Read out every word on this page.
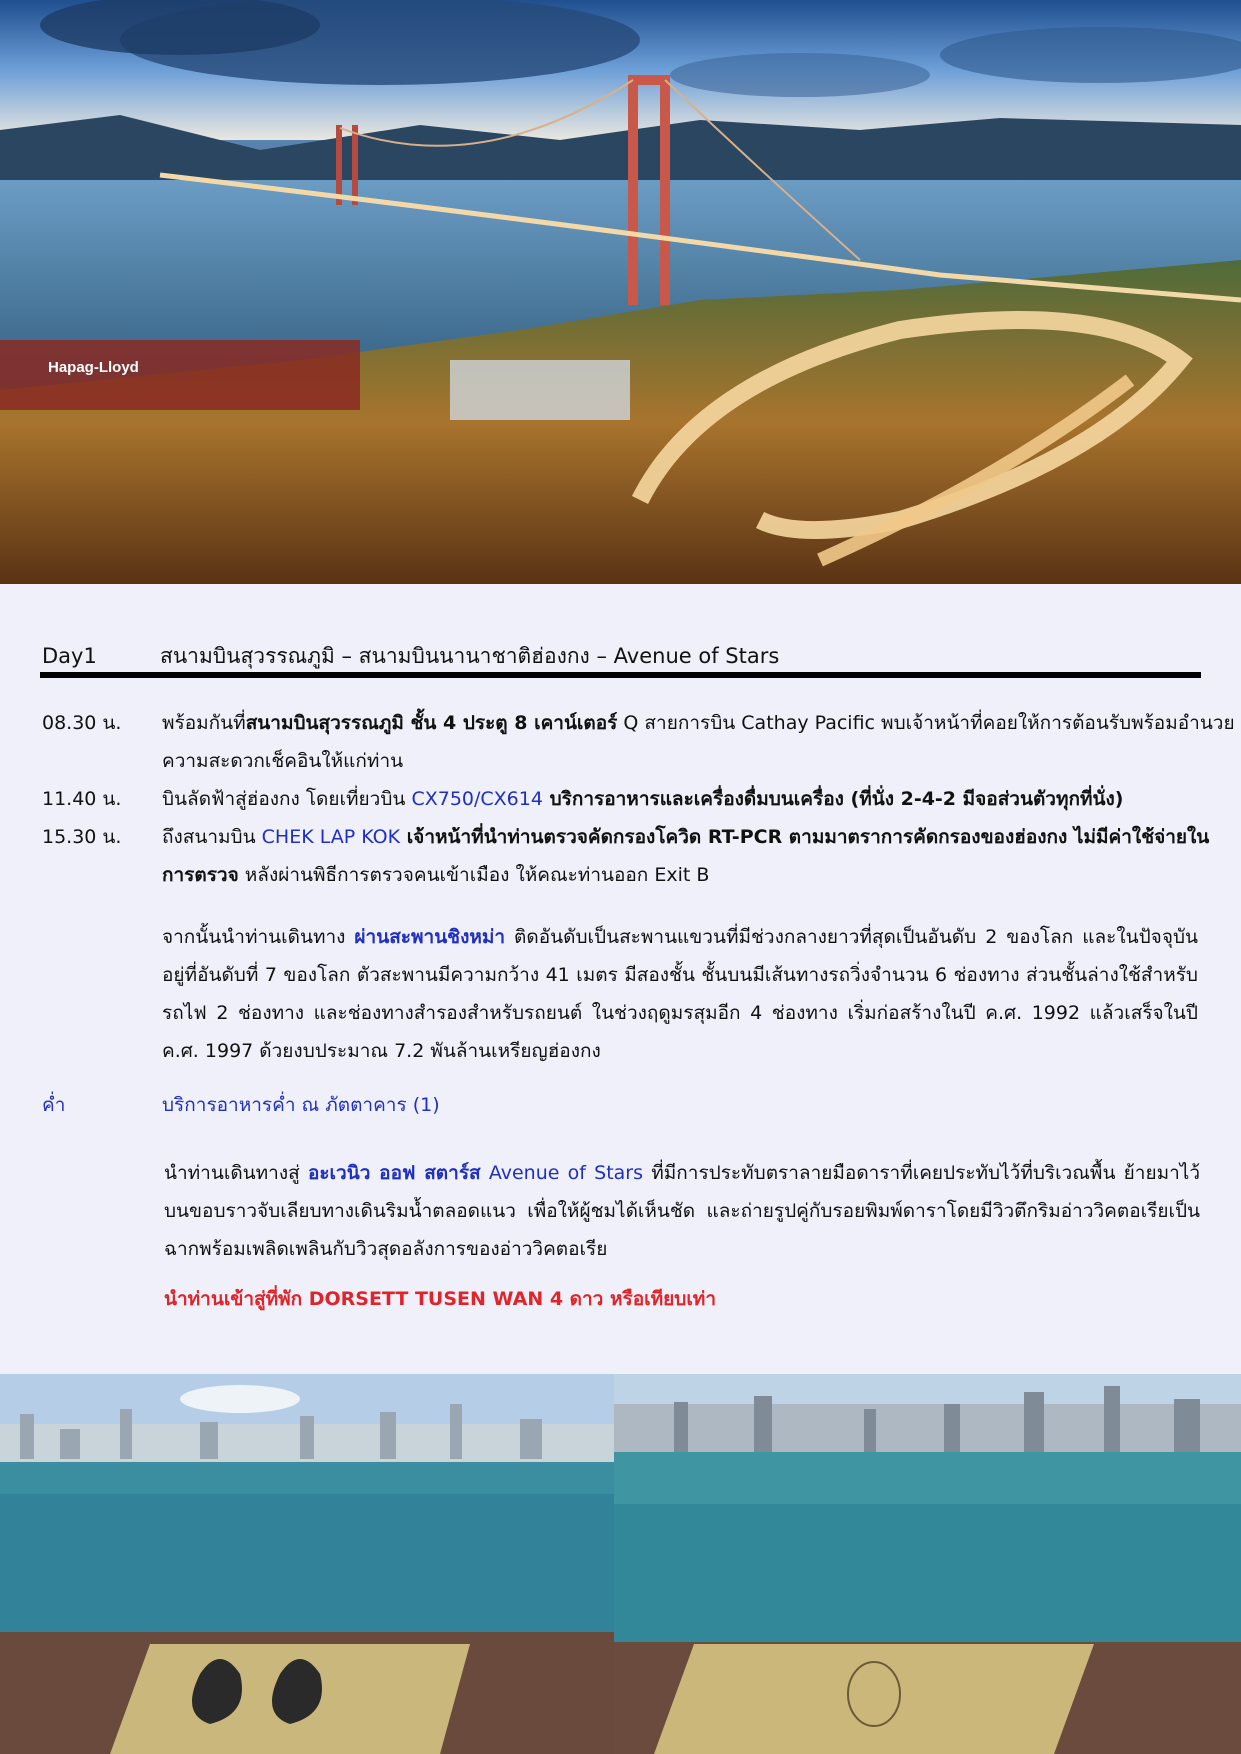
Hapag-Lloyd
Day1	สนามบินสุวรรณภูมิ – สนามบินนานาชาติฮ่องกง – Avenue of Stars
08.30 น.	พร้อมกันที่สนามบินสุวรรณภูมิ ชั้น 4 ประตู 8 เคาน์เตอร์ Q สายการบิน Cathay Pacific พบเจ้าหน้าที่คอยให้การต้อนรับพร้อมอำนวยความสะดวกเช็คอินให้แก่ท่าน
11.40 น.	บินลัดฟ้าสู่ฮ่องกง โดยเที่ยวบิน CX750/CX614 บริการอาหารและเครื่องดื่มบนเครื่อง (ที่นั่ง 2-4-2 มีจอส่วนตัวทุกที่นั่ง)
15.30 น.	ถึงสนามบิน CHEK LAP KOK เจ้าหน้าที่นำท่านตรวจคัดกรองโควิด RT-PCR ตามมาตราการคัดกรองของฮ่องกง ไม่มีค่าใช้จ่ายในการตรวจ หลังผ่านพิธีการตรวจคนเข้าเมือง ให้คณะท่านออก Exit B
จากนั้นนำท่านเดินทาง ผ่านสะพานชิงหม่า ติดอันดับเป็นสะพานแขวนที่มีช่วงกลางยาวที่สุดเป็นอันดับ 2 ของโลก และในปัจจุบันอยู่ที่อันดับที่ 7 ของโลก ตัวสะพานมีความกว้าง 41 เมตร มีสองชั้น ชั้นบนมีเส้นทางรถวิ่งจำนวน 6 ช่องทาง ส่วนชั้นล่างใช้สำหรับรถไฟ 2 ช่องทาง และช่องทางสำรองสำหรับรถยนต์ ในช่วงฤดูมรสุมอีก 4 ช่องทาง เริ่มก่อสร้างในปี ค.ศ. 1992 แล้วเสร็จในปี ค.ศ. 1997 ด้วยงบประมาณ 7.2 พันล้านเหรียญฮ่องกง
ค่ำ	บริการอาหารค่ำ ณ ภัตตาคาร (1)
นำท่านเดินทางสู่ อะเวนิว ออฟ สตาร์ส Avenue of Stars ที่มีการประทับตราลายมือดาราที่เคยประทับไว้ที่บริเวณพื้น ย้ายมาไว้บนขอบราวจับเลียบทางเดินริมน้ำตลอดแนว เพื่อให้ผู้ชมได้เห็นชัด และถ่ายรูปคู่กับรอยพิมพ์ดาราโดยมีวิวตึกริมอ่าววิคตอเรียเป็นฉากพร้อมเพลิดเพลินกับวิวสุดอลังการของอ่าววิคตอเรีย
นำท่านเข้าสู่ที่พัก DORSETT TUSEN WAN 4 ดาว หรือเทียบเท่า
